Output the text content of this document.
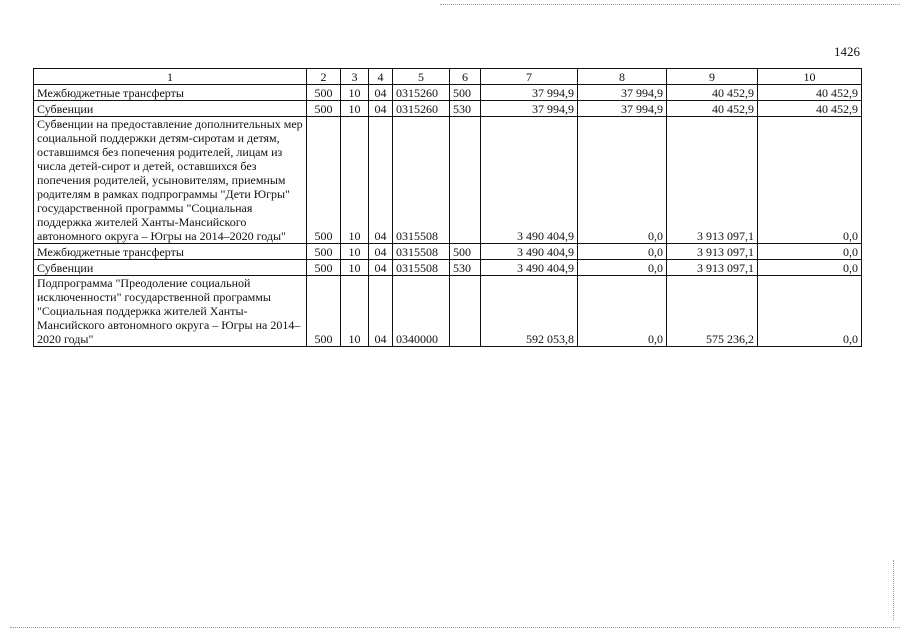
1426
1	2	3	4	5	6	7	8	9	10
Межбюджетные трансферты	500	10	04	0315260	500	37 994,9	37 994,9	40 452,9	40 452,9
Субвенции	500	10	04	0315260	530	37 994,9	37 994,9	40 452,9	40 452,9
Субвенции на предоставление дополнительных мер социальной поддержки детям-сиротам и детям, оставшимся без попечения родителей, лицам из числа детей-сирот и детей, оставшихся без попечения родителей, усыновителям, приемным родителям в рамках подпрограммы "Дети Югры" государственной программы "Социальная поддержка жителей Ханты-Мансийского автономного округа – Югры на 2014–2020 годы"	500	10	04	0315508		3 490 404,9	0,0	3 913 097,1	0,0
Межбюджетные трансферты	500	10	04	0315508	500	3 490 404,9	0,0	3 913 097,1	0,0
Субвенции	500	10	04	0315508	530	3 490 404,9	0,0	3 913 097,1	0,0
Подпрограмма "Преодоление социальной исключенности" государственной программы "Социальная поддержка жителей Ханты-Мансийского автономного округа – Югры на 2014–2020 годы"	500	10	04	0340000		592 053,8	0,0	575 236,2	0,0
